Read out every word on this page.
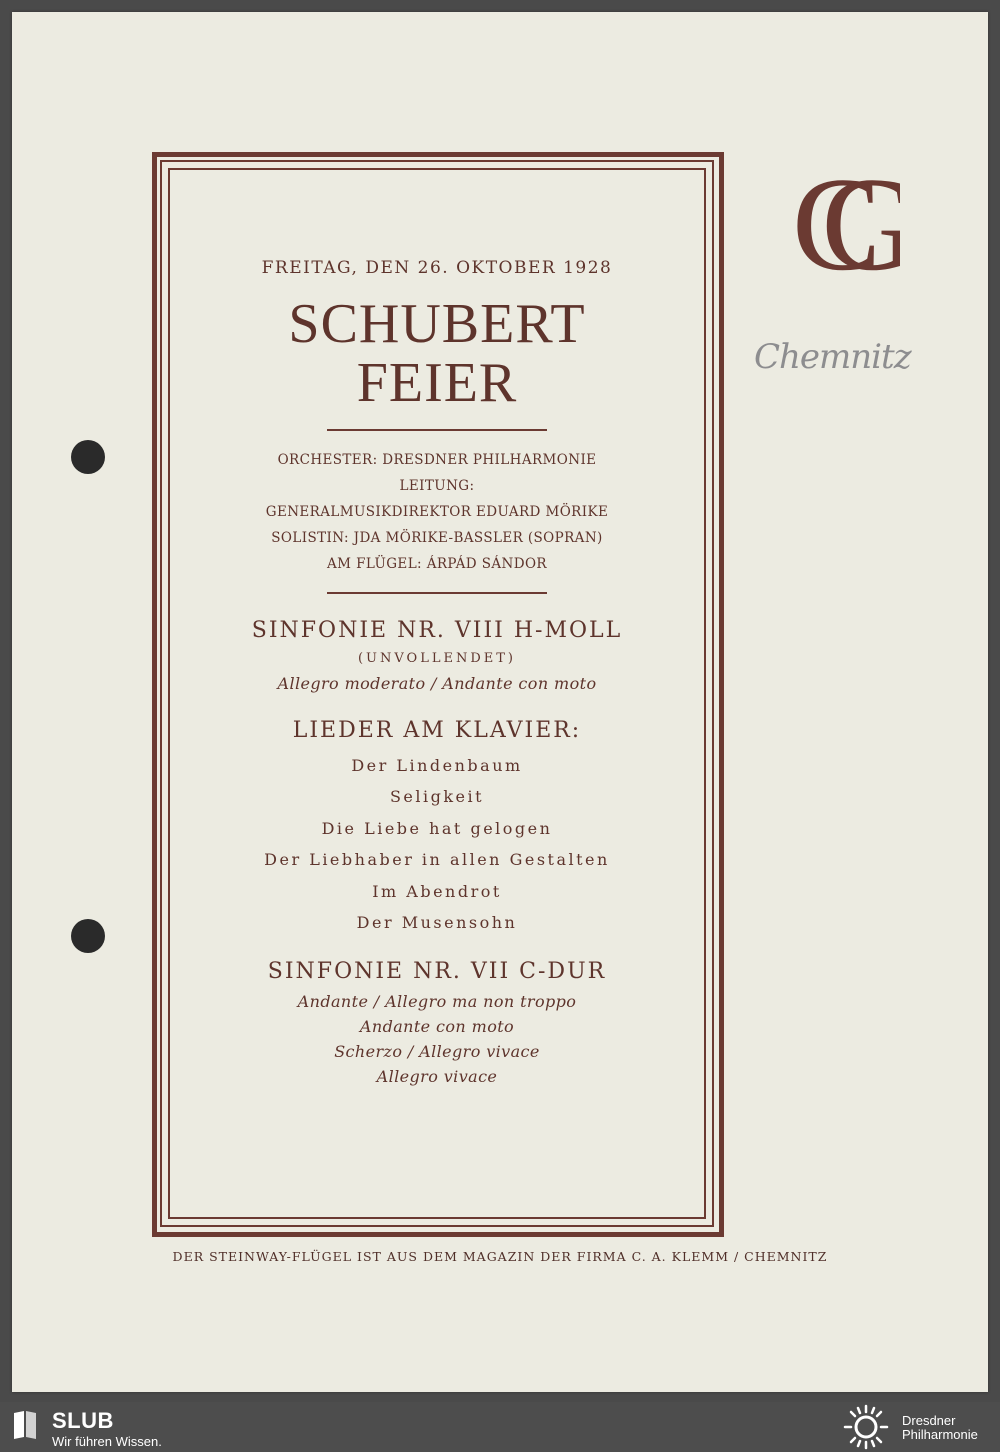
CG
Chemnitz

FREITAG, DEN 26. OKTOBER 1928

SCHUBERT

FEIER

ORCHESTER: DRESDNER PHILHARMONIE

LEITUNG:

GENERALMUSIKDIREKTOR EDUARD MÖRIKE

SOLISTIN: JDA MÖRIKE-BASSLER (SOPRAN)

AM FLÜGEL: ÁRPÁD SÁNDOR

SINFONIE NR. VIII H-MOLL

(UNVOLLENDET)

Allegro moderato / Andante con moto

LIEDER AM KLAVIER:

Der Lindenbaum

Seligkeit

Die Liebe hat gelogen

Der Liebhaber in allen Gestalten

Im Abendrot

Der Musensohn

SINFONIE NR. VII C-DUR

Andante / Allegro ma non troppo

Andante con moto

Scherzo / Allegro vivace

Allegro vivace

DER STEINWAY-FLÜGEL IST AUS DEM MAGAZIN DER FIRMA C. A. KLEMM / CHEMNITZ
SLUB
Wir führen Wissen.
Dresdner
Philharmonie
